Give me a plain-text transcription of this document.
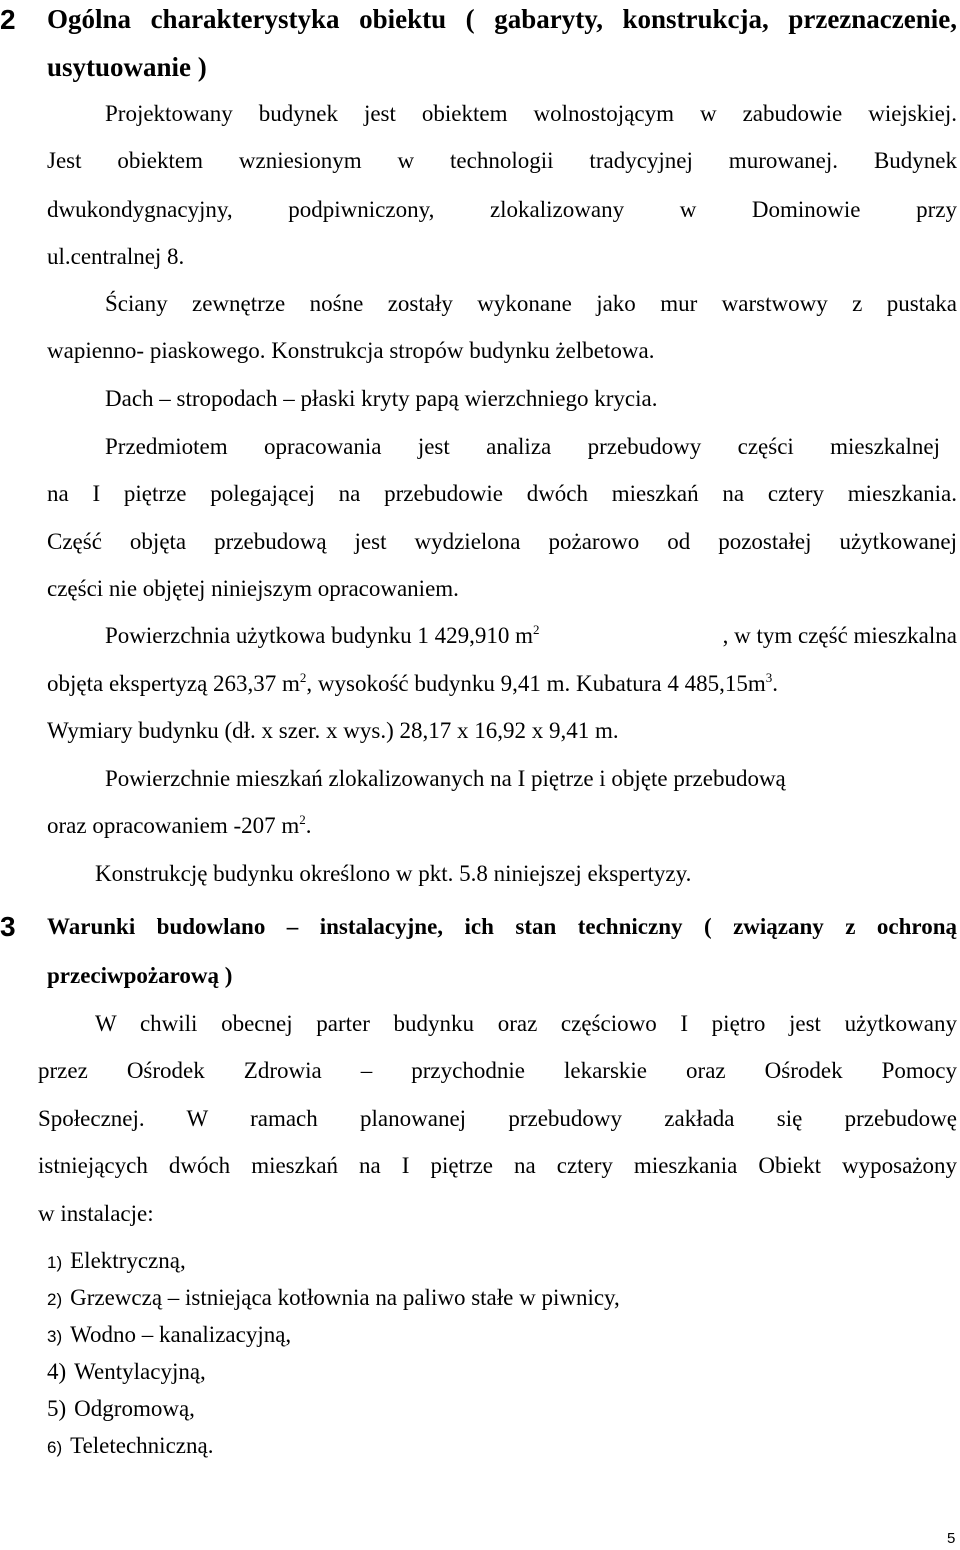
2 Ogólna charakterystyka obiektu ( gabaryty, konstrukcja, przeznaczenie,
usytuowanie )
Projektowany budynek jest obiektem wolnostojącym w zabudowie wiejskiej.
Jest obiektem wzniesionym w technologii tradycyjnej murowanej. Budynek
dwukondygnacyjny, podpiwniczony, zlokalizowany w Dominowie przy
ul.centralnej 8.
Ściany zewnętrze nośne zostały wykonane jako mur warstwowy z pustaka
wapienno- piaskowego. Konstrukcja stropów budynku żelbetowa.
Dach – stropodach – płaski kryty papą wierzchniego krycia.
Przedmiotem opracowania jest analiza przebudowy części mieszkalnej
na I piętrze polegającej na przebudowie dwóch mieszkań na cztery mieszkania.
Część objęta przebudową jest wydzielona pożarowo od pozostałej użytkowanej
części nie objętej niniejszym opracowaniem.
Powierzchnia użytkowa budynku 1 429,910 $m^2$	, w tym część mieszkalna
objęta ekspertyzą 263,37 $m^2$, wysokość budynku 9,41 m. Kubatura 4 $485,15m^3$.
Wymiary budynku (dł. x szer. x wys.) 28,17 x 16,92 x 9,41 m.
Powierzchnie mieszkań zlokalizowanych na I piętrze i objęte przebudową
oraz opracowaniem -207 $m^2$.
Konstrukcję budynku określono w pkt. 5.8 niniejszej ekspertyzy.
3 Warunki budowlano – instalacyjne, ich stan techniczny ( związany z ochroną
przeciwpożarową )
W chwili obecnej parter budynku oraz częściowo I piętro jest użytkowany
przez Ośrodek Zdrowia – przychodnie lekarskie oraz Ośrodek Pomocy
Społecznej. W ramach planowanej przebudowy zakłada się przebudowę
istniejących dwóch mieszkań na I piętrze na cztery mieszkania Obiekt wyposażony
w instalacje:
1) Elektryczną,
2) Grzewczą – istniejąca kotłownia na paliwo stałe w piwnicy,
3) Wodno – kanalizacyjną,
4) Wentylacyjną,
5) Odgromową,
6) Teletechniczną.
5
